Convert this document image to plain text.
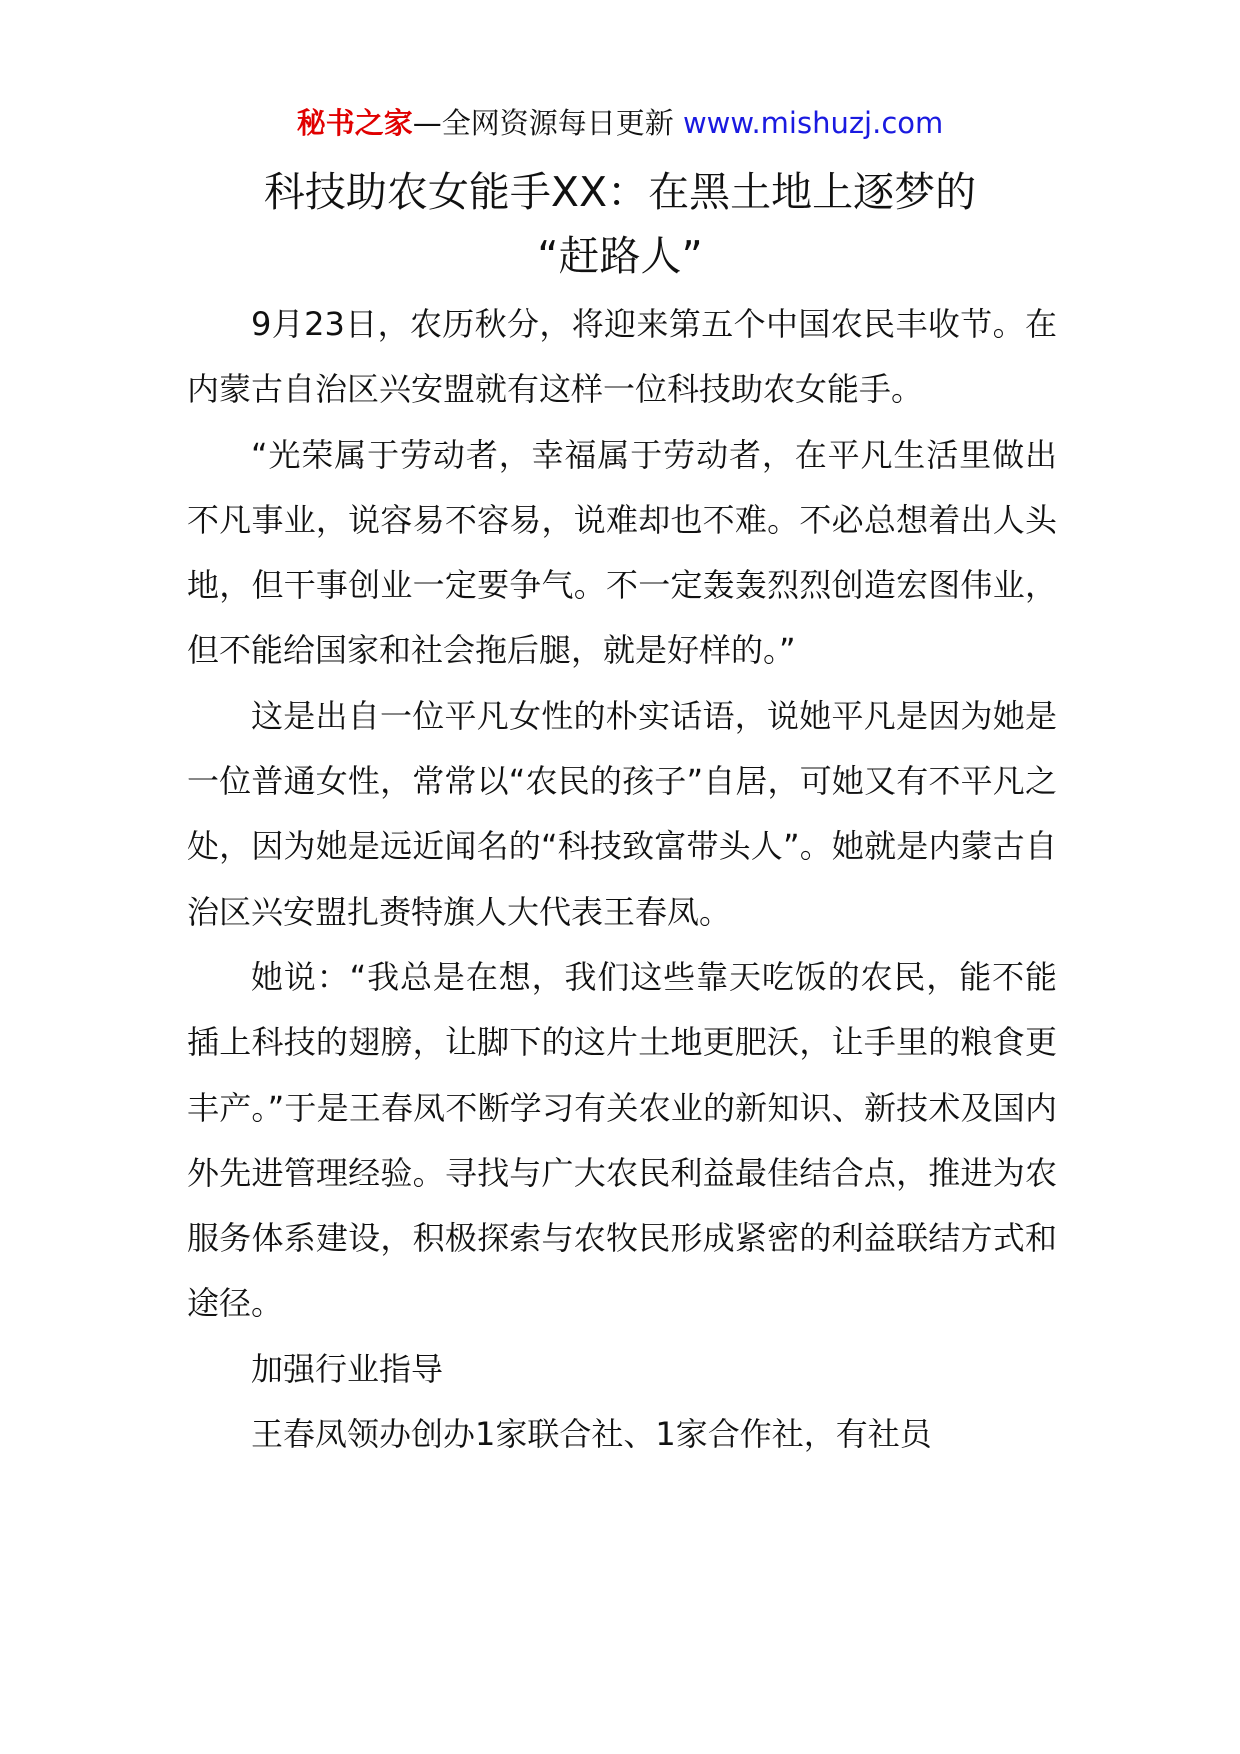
秘书之家—全网资源每日更新 www.mishuzj.com
科技助农女能手XX：在黑土地上逐梦的
“赶路人”

9月23日，农历秋分，将迎来第五个中国农民丰收节。在内蒙古自治区兴安盟就有这样一位科技助农女能手。

“光荣属于劳动者，幸福属于劳动者，在平凡生活里做出不凡事业，说容易不容易，说难却也不难。不必总想着出人头地，但干事创业一定要争气。不一定轰轰烈烈创造宏图伟业，但不能给国家和社会拖后腿，就是好样的。”

这是出自一位平凡女性的朴实话语，说她平凡是因为她是一位普通女性，常常以“农民的孩子”自居，可她又有不平凡之处，因为她是远近闻名的“科技致富带头人”。她就是内蒙古自治区兴安盟扎赉特旗人大代表王春凤。

她说：“我总是在想，我们这些靠天吃饭的农民，能不能插上科技的翅膀，让脚下的这片土地更肥沃，让手里的粮食更丰产。”于是王春凤不断学习有关农业的新知识、新技术及国内外先进管理经验。寻找与广大农民利益最佳结合点，推进为农服务体系建设，积极探索与农牧民形成紧密的利益联结方式和途径。

加强行业指导

王春凤领办创办1家联合社、1家合作社，有社员
